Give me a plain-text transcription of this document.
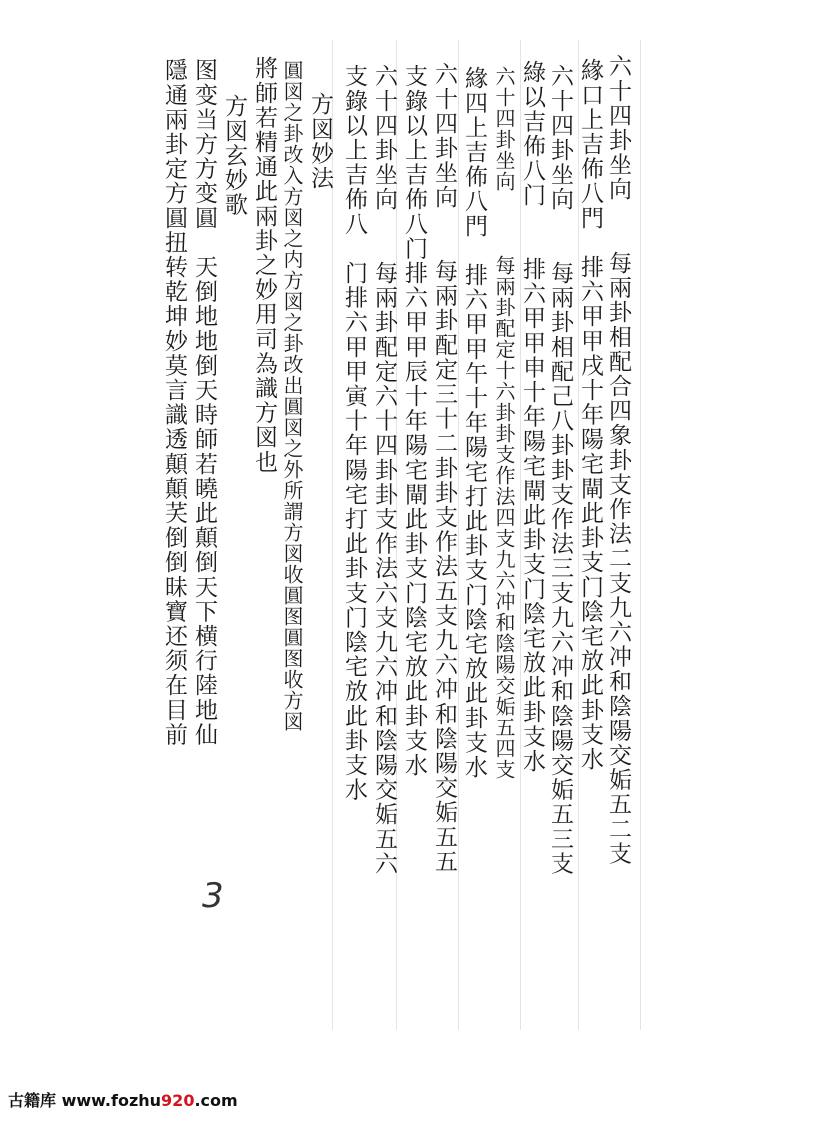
六十四卦坐向　　每兩卦相配合四象卦支作法二支九六冲和陰陽交姤五二支
緣口上吉佈八門　排六甲甲戌十年陽宅閘此卦支门陰宅放此卦支水
六十四卦坐向　　每兩卦相配己八卦卦支作法三支九六冲和陰陽交姤五三支
綠以吉佈八门　　排六甲甲申十年陽宅閘此卦支门陰宅放此卦支水
六十四卦坐向　　　每兩卦配定十六卦卦支作法四支九六冲和陰陽交姤五四支
緣四上吉佈八門　排六甲甲午十年陽宅打此卦支门陰宅放此卦支水
六十四卦坐向　　每兩卦配定三十二卦卦支作法五支九六冲和陰陽交姤五五
支錄以上吉佈八门排六甲甲辰十年陽宅閘此卦支门陰宅放此卦支水
六十四卦坐向　　每兩卦配定六十四卦卦支作法六支九六冲和陰陽交姤五六
支錄以上吉佈八　门排六甲甲寅十年陽宅打此卦支门陰宅放此卦支水
方図妙法
圓図之卦改入方図之内方図之卦改出圓図之外所謂方図收圓图圓图收方図
將師若精通此兩卦之妙用司為識方図也
方図玄妙歌
图变当方方变圓　天倒地地倒天時師若曉此顛倒天下横行陸地仙
隱通兩卦定方圓扭转乾坤妙莫言識透顛顛芺倒倒昧寶还须在目前
3
古籍库 www.fozhu920.com
